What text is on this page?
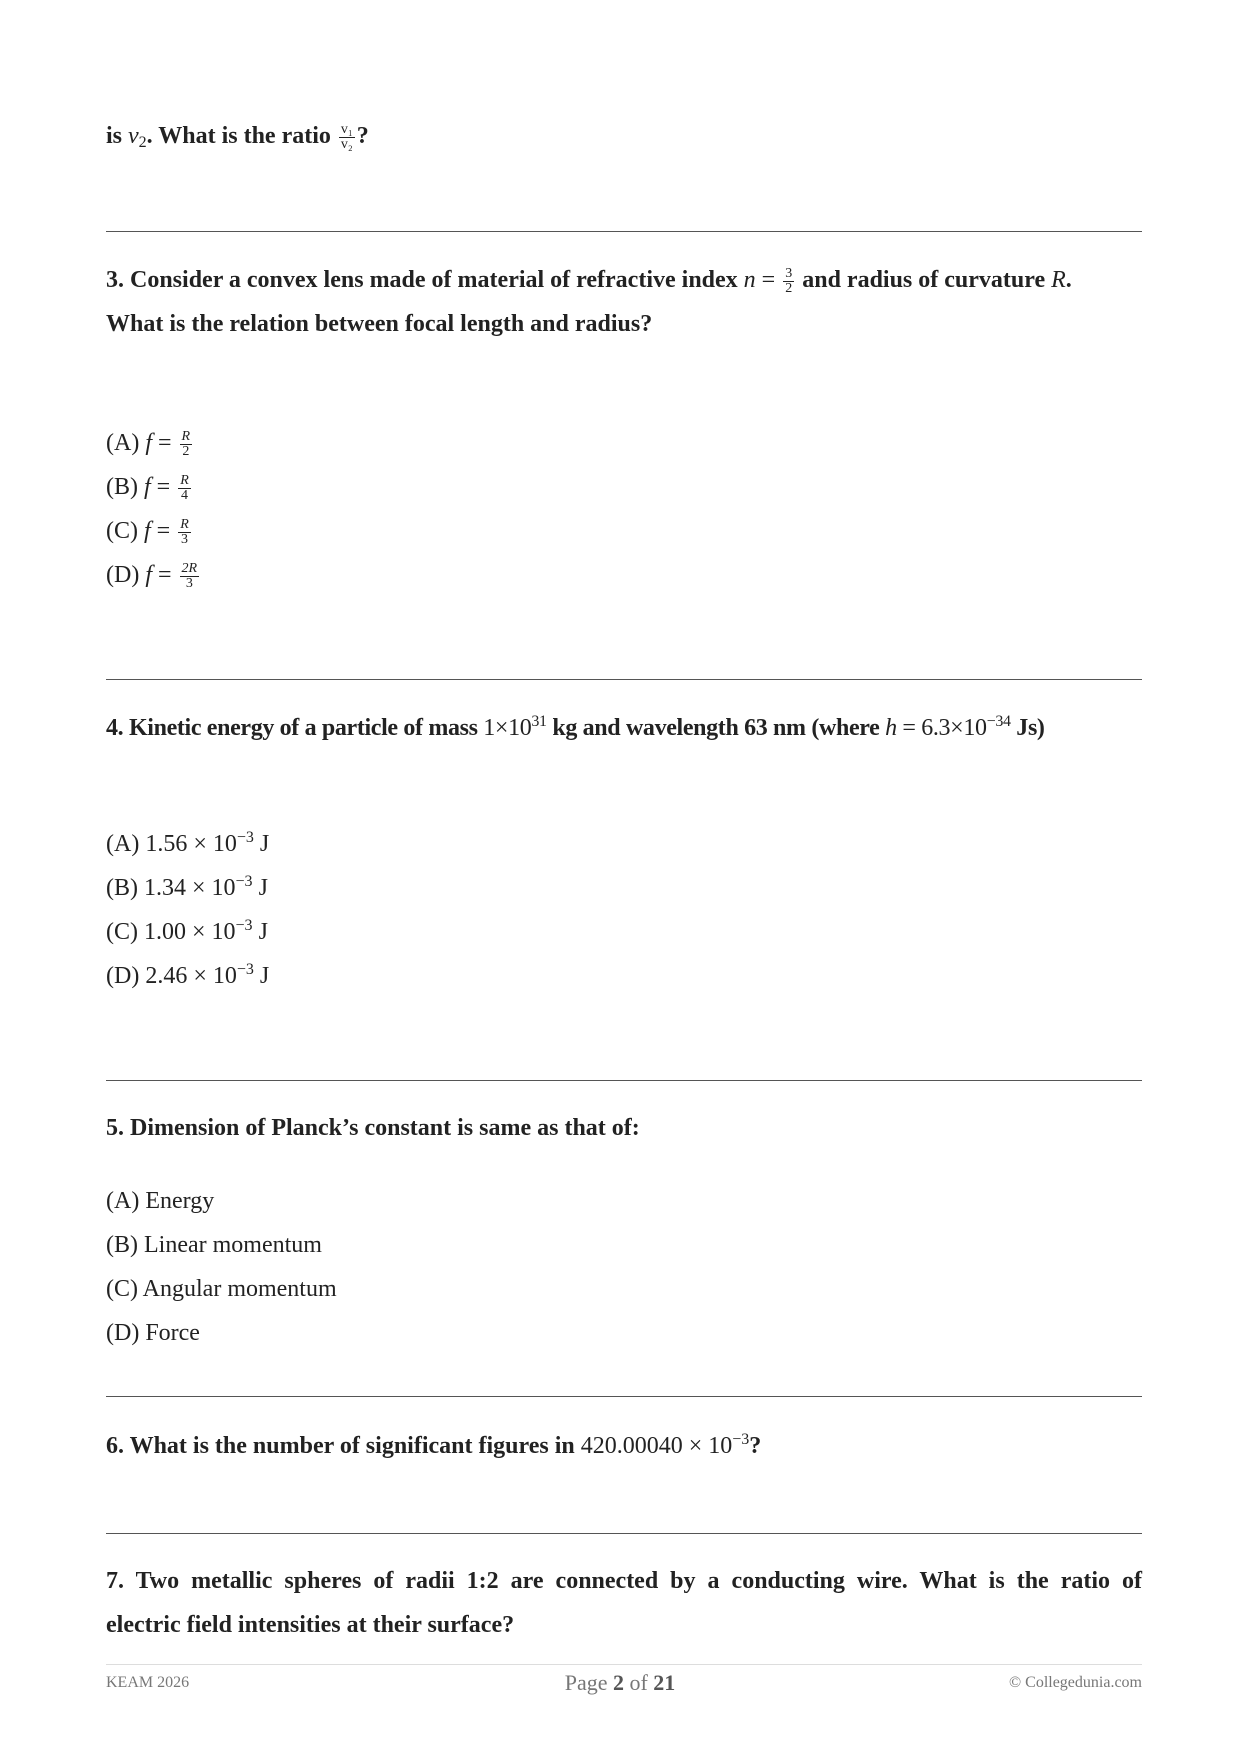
is $v_2$. What is the ratio $\frac{\text{v₁}}{\text{v₂}}$ ?
3. Consider a convex lens made of material of refractive index $n = \frac{3}{2}$ and radius of curvature R.
What is the relation between focal length and radius?
(A) $f = \frac{R}{2}$
(B) $f = \frac{R}{4}$
(C) $f = \frac{R}{3}$
(D) $f = \frac{2R}{3}$
4. Kinetic energy of a particle of mass $1\times 10^{31}$ kg and wavelength 63 nm (where $h = 6.3\times 10^{-34}$ Js)
(A) $1.56 \times 10^{-3}$ J
(B) $1.34 \times 10^{-3}$ J
(C) $1.00 \times 10^{-3}$ J
(D) $2.46 \times 10^{-3}$ J
5. Dimension of Planck’s constant is same as that of:
(A) Energy
(B) Linear momentum
(C) Angular momentum
(D) Force
6. What is the number of significant figures in $420.00040 \times 10^{-3}$?
7. Two metallic spheres of radii 1:2 are connected by a conducting wire. What is the ratio of
electric field intensities at their surface?
KEAM 2026	Page 2 of 21	© Collegedunia.com
